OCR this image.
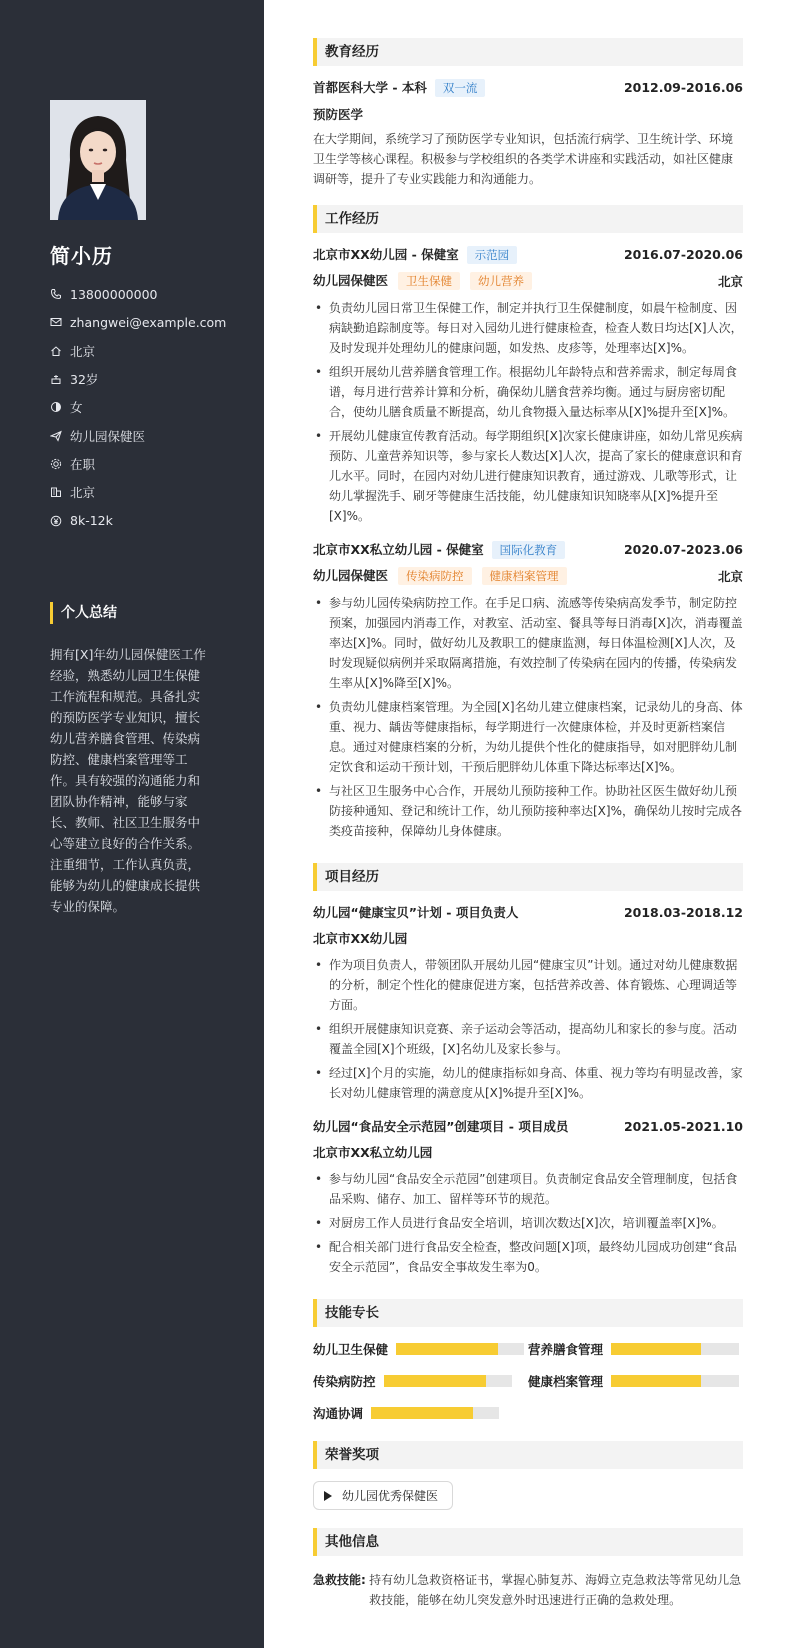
简小历
13800000000
zhangwei@example.com
北京
32岁
女
幼儿园保健医
在职
北京
8k-12k
个人总结

拥有[X]年幼儿园保健医工作经验，熟悉幼儿园卫生保健工作流程和规范。具备扎实的预防医学专业知识，擅长幼儿营养膳食管理、传染病防控、健康档案管理等工作。具有较强的沟通能力和团队协作精神，能够与家长、教师、社区卫生服务中心等建立良好的合作关系。注重细节，工作认真负责，能够为幼儿的健康成长提供专业的保障。

教育经历
首都医科大学 - 本科 双一流	2012.09-2016.06
预防医学

在大学期间，系统学习了预防医学专业知识，包括流行病学、卫生统计学、环境卫生学等核心课程。积极参与学校组织的各类学术讲座和实践活动，如社区健康调研等，提升了专业实践能力和沟通能力。

工作经历
北京市XX幼儿园 - 保健室 示范园	2016.07-2020.06
幼儿园保健医 卫生保健 幼儿营养	北京
• 负责幼儿园日常卫生保健工作，制定并执行卫生保健制度，如晨午检制度、因病缺勤追踪制度等。每日对入园幼儿进行健康检查，检查人数日均达[X]人次，及时发现并处理幼儿的健康问题，如发热、皮疹等，处理率达[X]%。
• 组织开展幼儿营养膳食管理工作。根据幼儿年龄特点和营养需求，制定每周食谱，每月进行营养计算和分析，确保幼儿膳食营养均衡。通过与厨房密切配合，使幼儿膳食质量不断提高，幼儿食物摄入量达标率从[X]%提升至[X]%。
• 开展幼儿健康宣传教育活动。每学期组织[X]次家长健康讲座，如幼儿常见疾病预防、儿童营养知识等，参与家长人数达[X]人次，提高了家长的健康意识和育儿水平。同时，在园内对幼儿进行健康知识教育，通过游戏、儿歌等形式，让幼儿掌握洗手、刷牙等健康生活技能，幼儿健康知识知晓率从[X]%提升至[X]%。
北京市XX私立幼儿园 - 保健室 国际化教育	2020.07-2023.06
幼儿园保健医 传染病防控 健康档案管理	北京
• 参与幼儿园传染病防控工作。在手足口病、流感等传染病高发季节，制定防控预案，加强园内消毒工作，对教室、活动室、餐具等每日消毒[X]次，消毒覆盖率达[X]%。同时，做好幼儿及教职工的健康监测，每日体温检测[X]人次，及时发现疑似病例并采取隔离措施，有效控制了传染病在园内的传播，传染病发生率从[X]%降至[X]%。
• 负责幼儿健康档案管理。为全园[X]名幼儿建立健康档案，记录幼儿的身高、体重、视力、龋齿等健康指标，每学期进行一次健康体检，并及时更新档案信息。通过对健康档案的分析，为幼儿提供个性化的健康指导，如对肥胖幼儿制定饮食和运动干预计划，干预后肥胖幼儿体重下降达标率达[X]%。
• 与社区卫生服务中心合作，开展幼儿预防接种工作。协助社区医生做好幼儿预防接种通知、登记和统计工作，幼儿预防接种率达[X]%，确保幼儿按时完成各类疫苗接种，保障幼儿身体健康。
项目经历
幼儿园“健康宝贝”计划 - 项目负责人	2018.03-2018.12
北京市XX幼儿园
• 作为项目负责人，带领团队开展幼儿园“健康宝贝”计划。通过对幼儿健康数据的分析，制定个性化的健康促进方案，包括营养改善、体育锻炼、心理调适等方面。
• 组织开展健康知识竞赛、亲子运动会等活动，提高幼儿和家长的参与度。活动覆盖全园[X]个班级，[X]名幼儿及家长参与。
• 经过[X]个月的实施，幼儿的健康指标如身高、体重、视力等均有明显改善，家长对幼儿健康管理的满意度从[X]%提升至[X]%。
幼儿园“食品安全示范园”创建项目 - 项目成员	2021.05-2021.10
北京市XX私立幼儿园
• 参与幼儿园“食品安全示范园”创建项目。负责制定食品安全管理制度，包括食品采购、储存、加工、留样等环节的规范。
• 对厨房工作人员进行食品安全培训，培训次数达[X]次，培训覆盖率[X]%。
• 配合相关部门进行食品安全检查，整改问题[X]项，最终幼儿园成功创建“食品安全示范园”，食品安全事故发生率为0。
技能专长
幼儿卫生保健	营养膳食管理
传染病防控	健康档案管理
沟通协调
荣誉奖项
幼儿园优秀保健医
其他信息
急救技能: 持有幼儿急救资格证书，掌握心肺复苏、海姆立克急救法等常见幼儿急救技能，能够在幼儿突发意外时迅速进行正确的急救处理。
